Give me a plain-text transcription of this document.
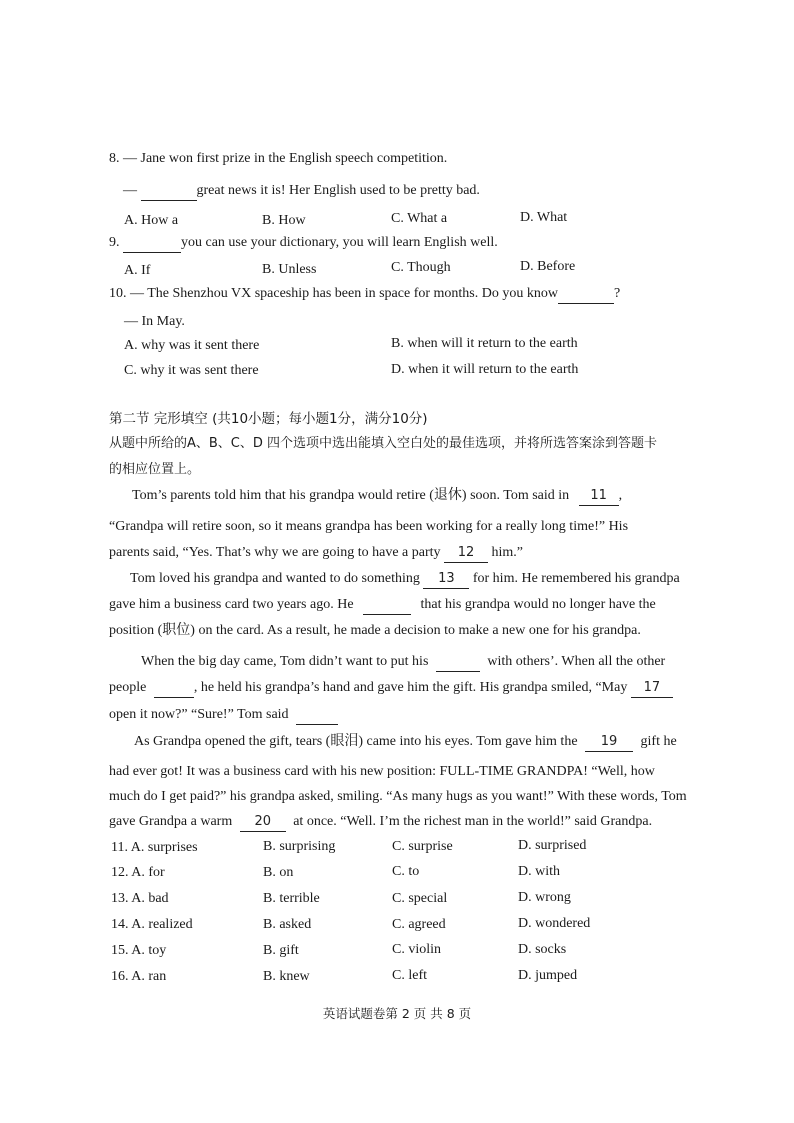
8. — Jane won first prize in the English speech competition.
—	great news it is! Her English used to be pretty bad.
A. How a	B. How	C. What a	D. What
9.	you can use your dictionary, you will learn English well.
A. If	B. Unless	C. Though	D. Before
10. — The Shenzhou VX spaceship has been in space for months. Do you know	?
— In May.
A. why was it sent there	B. when will it return to the earth
C. why it was sent there	D. when it will return to the earth
第二节 完形填空 (共10小题；每小题1分，满分10分)
从题中所给的A、B、C、D 四个选项中选出能填入空白处的最佳选项，并将所选答案涂到答题卡
的相应位置上。
Tom’s parents told him that his grandpa would retire (退休) soon. Tom said in 11 ,
“Grandpa will retire soon, so it means grandpa has been working for a really long time!” His
parents said, “Yes. That’s why we are going to have a party 12 him.”
Tom loved his grandpa and wanted to do something 13 for him. He remembered his grandpa
gave him a business card two years ago. He	that his grandpa would no longer have the
position (职位) on the card. As a result, he made a decision to make a new one for his grandpa.
When the big day came, Tom didn’t want to put his	with others’. When all the other
people	, he held his grandpa’s hand and gave him the gift. His grandpa smiled, “May 17
open it now?” “Sure!” Tom said
As Grandpa opened the gift, tears (眼泪) came into his eyes. Tom gave him the 19 gift he
had ever got! It was a business card with his new position: FULL-TIME GRANDPA! “Well, how
much do I get paid?” his grandpa asked, smiling. “As many hugs as you want!” With these words, Tom
gave Grandpa a warm 20 at once. “Well. I’m the richest man in the world!” said Grandpa.
11. A. surprises	B. surprising	C. surprise	D. surprised
12. A. for	B. on	C. to	D. with
13. A. bad	B. terrible	C. special	D. wrong
14. A. realized	B. asked	C. agreed	D. wondered
15. A. toy	B. gift	C. violin	D. socks
16. A. ran	B. knew	C. left	D. jumped
英语试题卷第 2 页 共 8 页
